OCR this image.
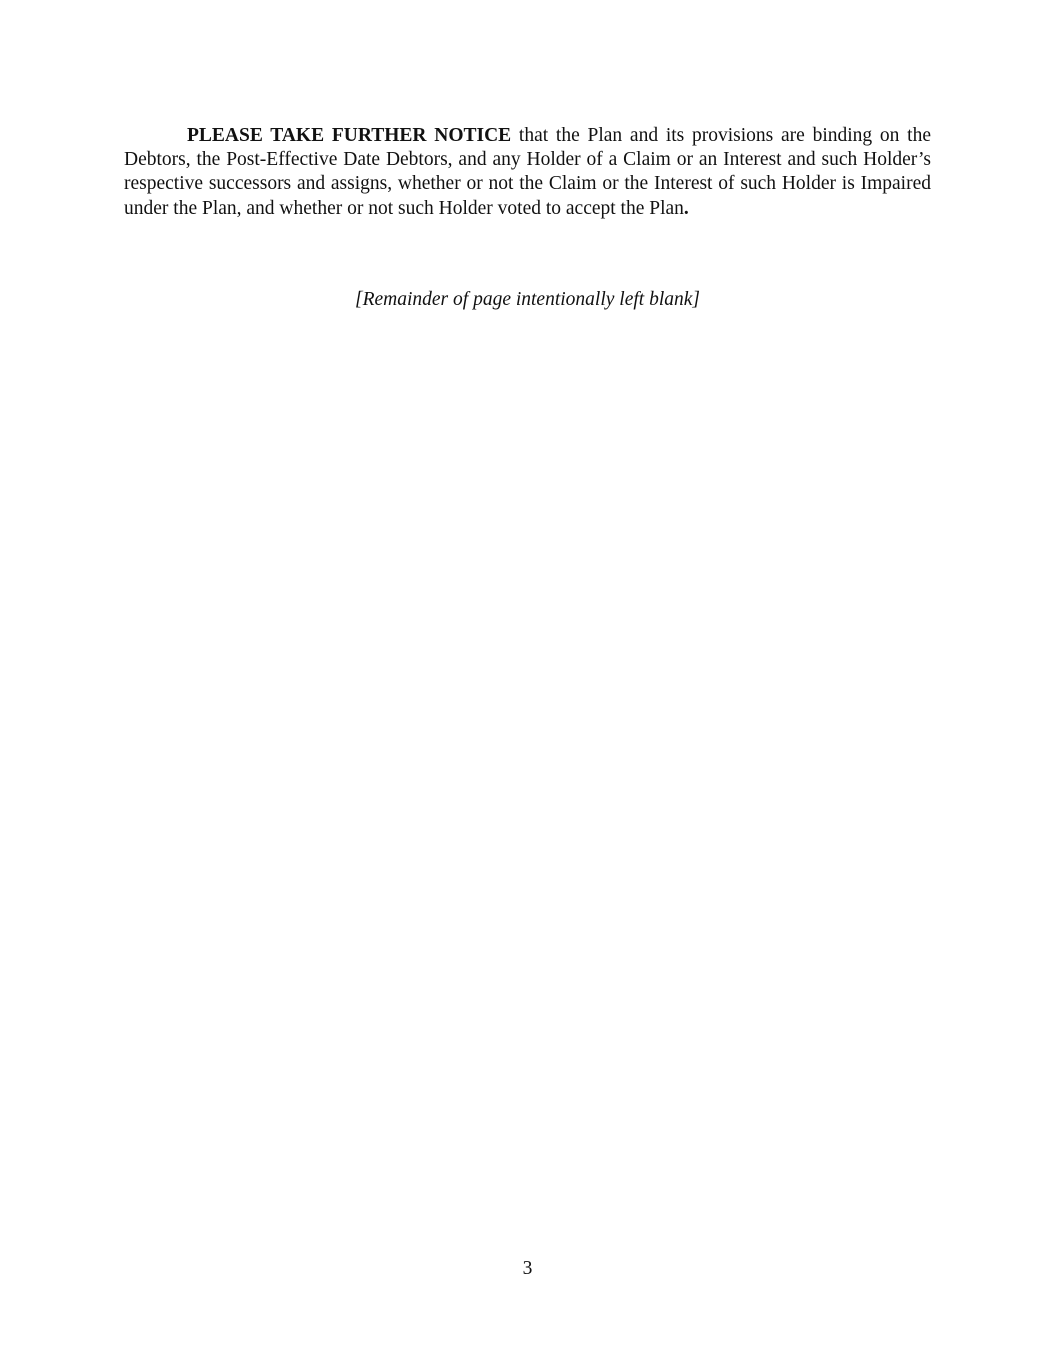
PLEASE TAKE FURTHER NOTICE that the Plan and its provisions are binding on the Debtors, the Post-Effective Date Debtors, and any Holder of a Claim or an Interest and such Holder’s respective successors and assigns, whether or not the Claim or the Interest of such Holder is Impaired under the Plan, and whether or not such Holder voted to accept the Plan.

[Remainder of page intentionally left blank]

3
